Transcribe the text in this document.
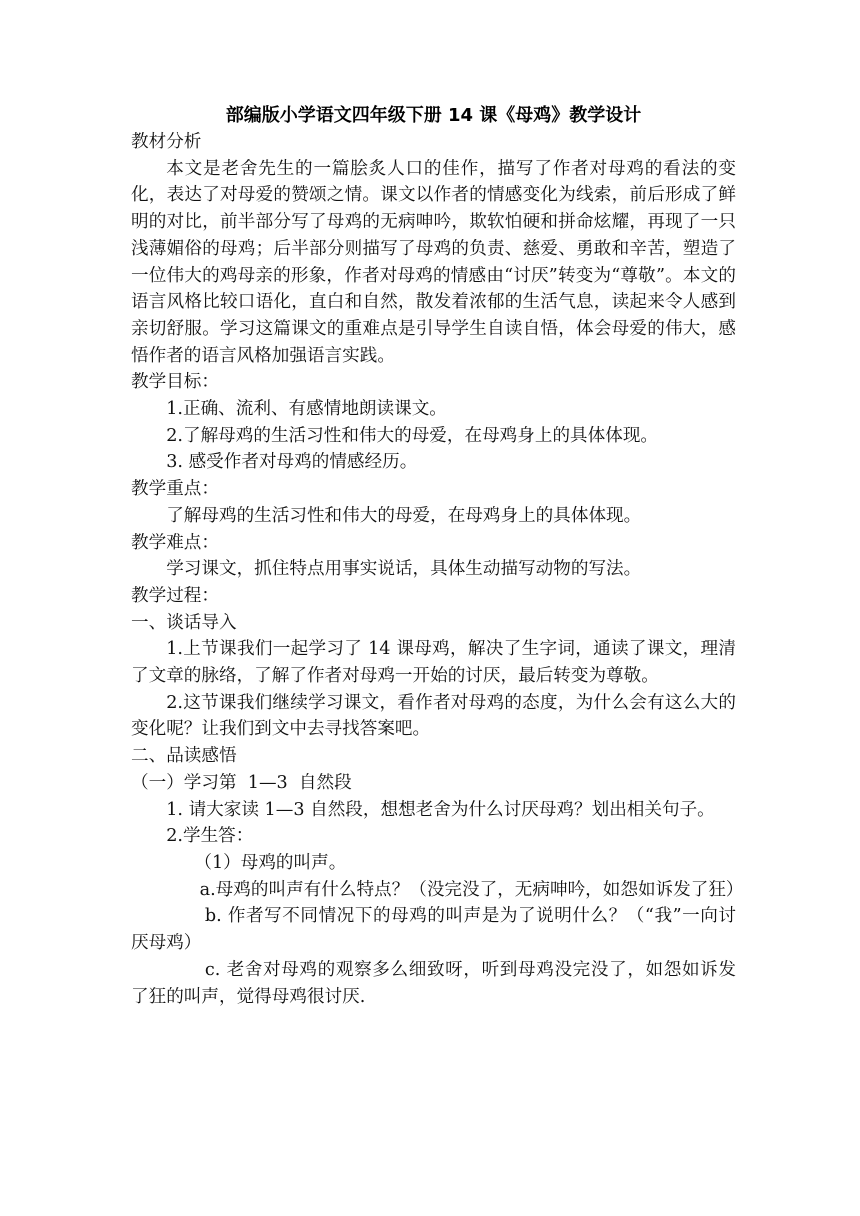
部编版小学语文四年级下册 14 课《母鸡》教学设计

教材分析

本文是老舍先生的一篇脍炙人口的佳作，描写了作者对母鸡的看法的变化，表达了对母爱的赞颂之情。课文以作者的情感变化为线索，前后形成了鲜明的对比，前半部分写了母鸡的无病呻吟，欺软怕硬和拼命炫耀，再现了一只浅薄媚俗的母鸡；后半部分则描写了母鸡的负责、慈爱、勇敢和辛苦，塑造了一位伟大的鸡母亲的形象，作者对母鸡的情感由“讨厌”转变为“尊敬”。本文的语言风格比较口语化，直白和自然，散发着浓郁的生活气息，读起来令人感到亲切舒服。学习这篇课文的重难点是引导学生自读自悟，体会母爱的伟大，感悟作者的语言风格加强语言实践。

教学目标：

1.正确、流利、有感情地朗读课文。

2.了解母鸡的生活习性和伟大的母爱，在母鸡身上的具体体现。

3. 感受作者对母鸡的情感经历。

教学重点：

了解母鸡的生活习性和伟大的母爱，在母鸡身上的具体体现。

教学难点：

学习课文，抓住特点用事实说话，具体生动描写动物的写法。

教学过程：

一、谈话导入

1.上节课我们一起学习了 14 课母鸡，解决了生字词，通读了课文，理清了文章的脉络，了解了作者对母鸡一开始的讨厌，最后转变为尊敬。

2.这节课我们继续学习课文，看作者对母鸡的态度，为什么会有这么大的变化呢？让我们到文中去寻找答案吧。

二、品读感悟

（一）学习第  1—3  自然段

1. 请大家读 1—3 自然段，想想老舍为什么讨厌母鸡？划出相关句子。

2.学生答：

（1）母鸡的叫声。

a.母鸡的叫声有什么特点？（没完没了，无病呻吟，如怨如诉发了狂）

b. 作者写不同情况下的母鸡的叫声是为了说明什么？（“我”一向讨厌母鸡）

c. 老舍对母鸡的观察多么细致呀，听到母鸡没完没了，如怨如诉发了狂的叫声，觉得母鸡很讨厌.
